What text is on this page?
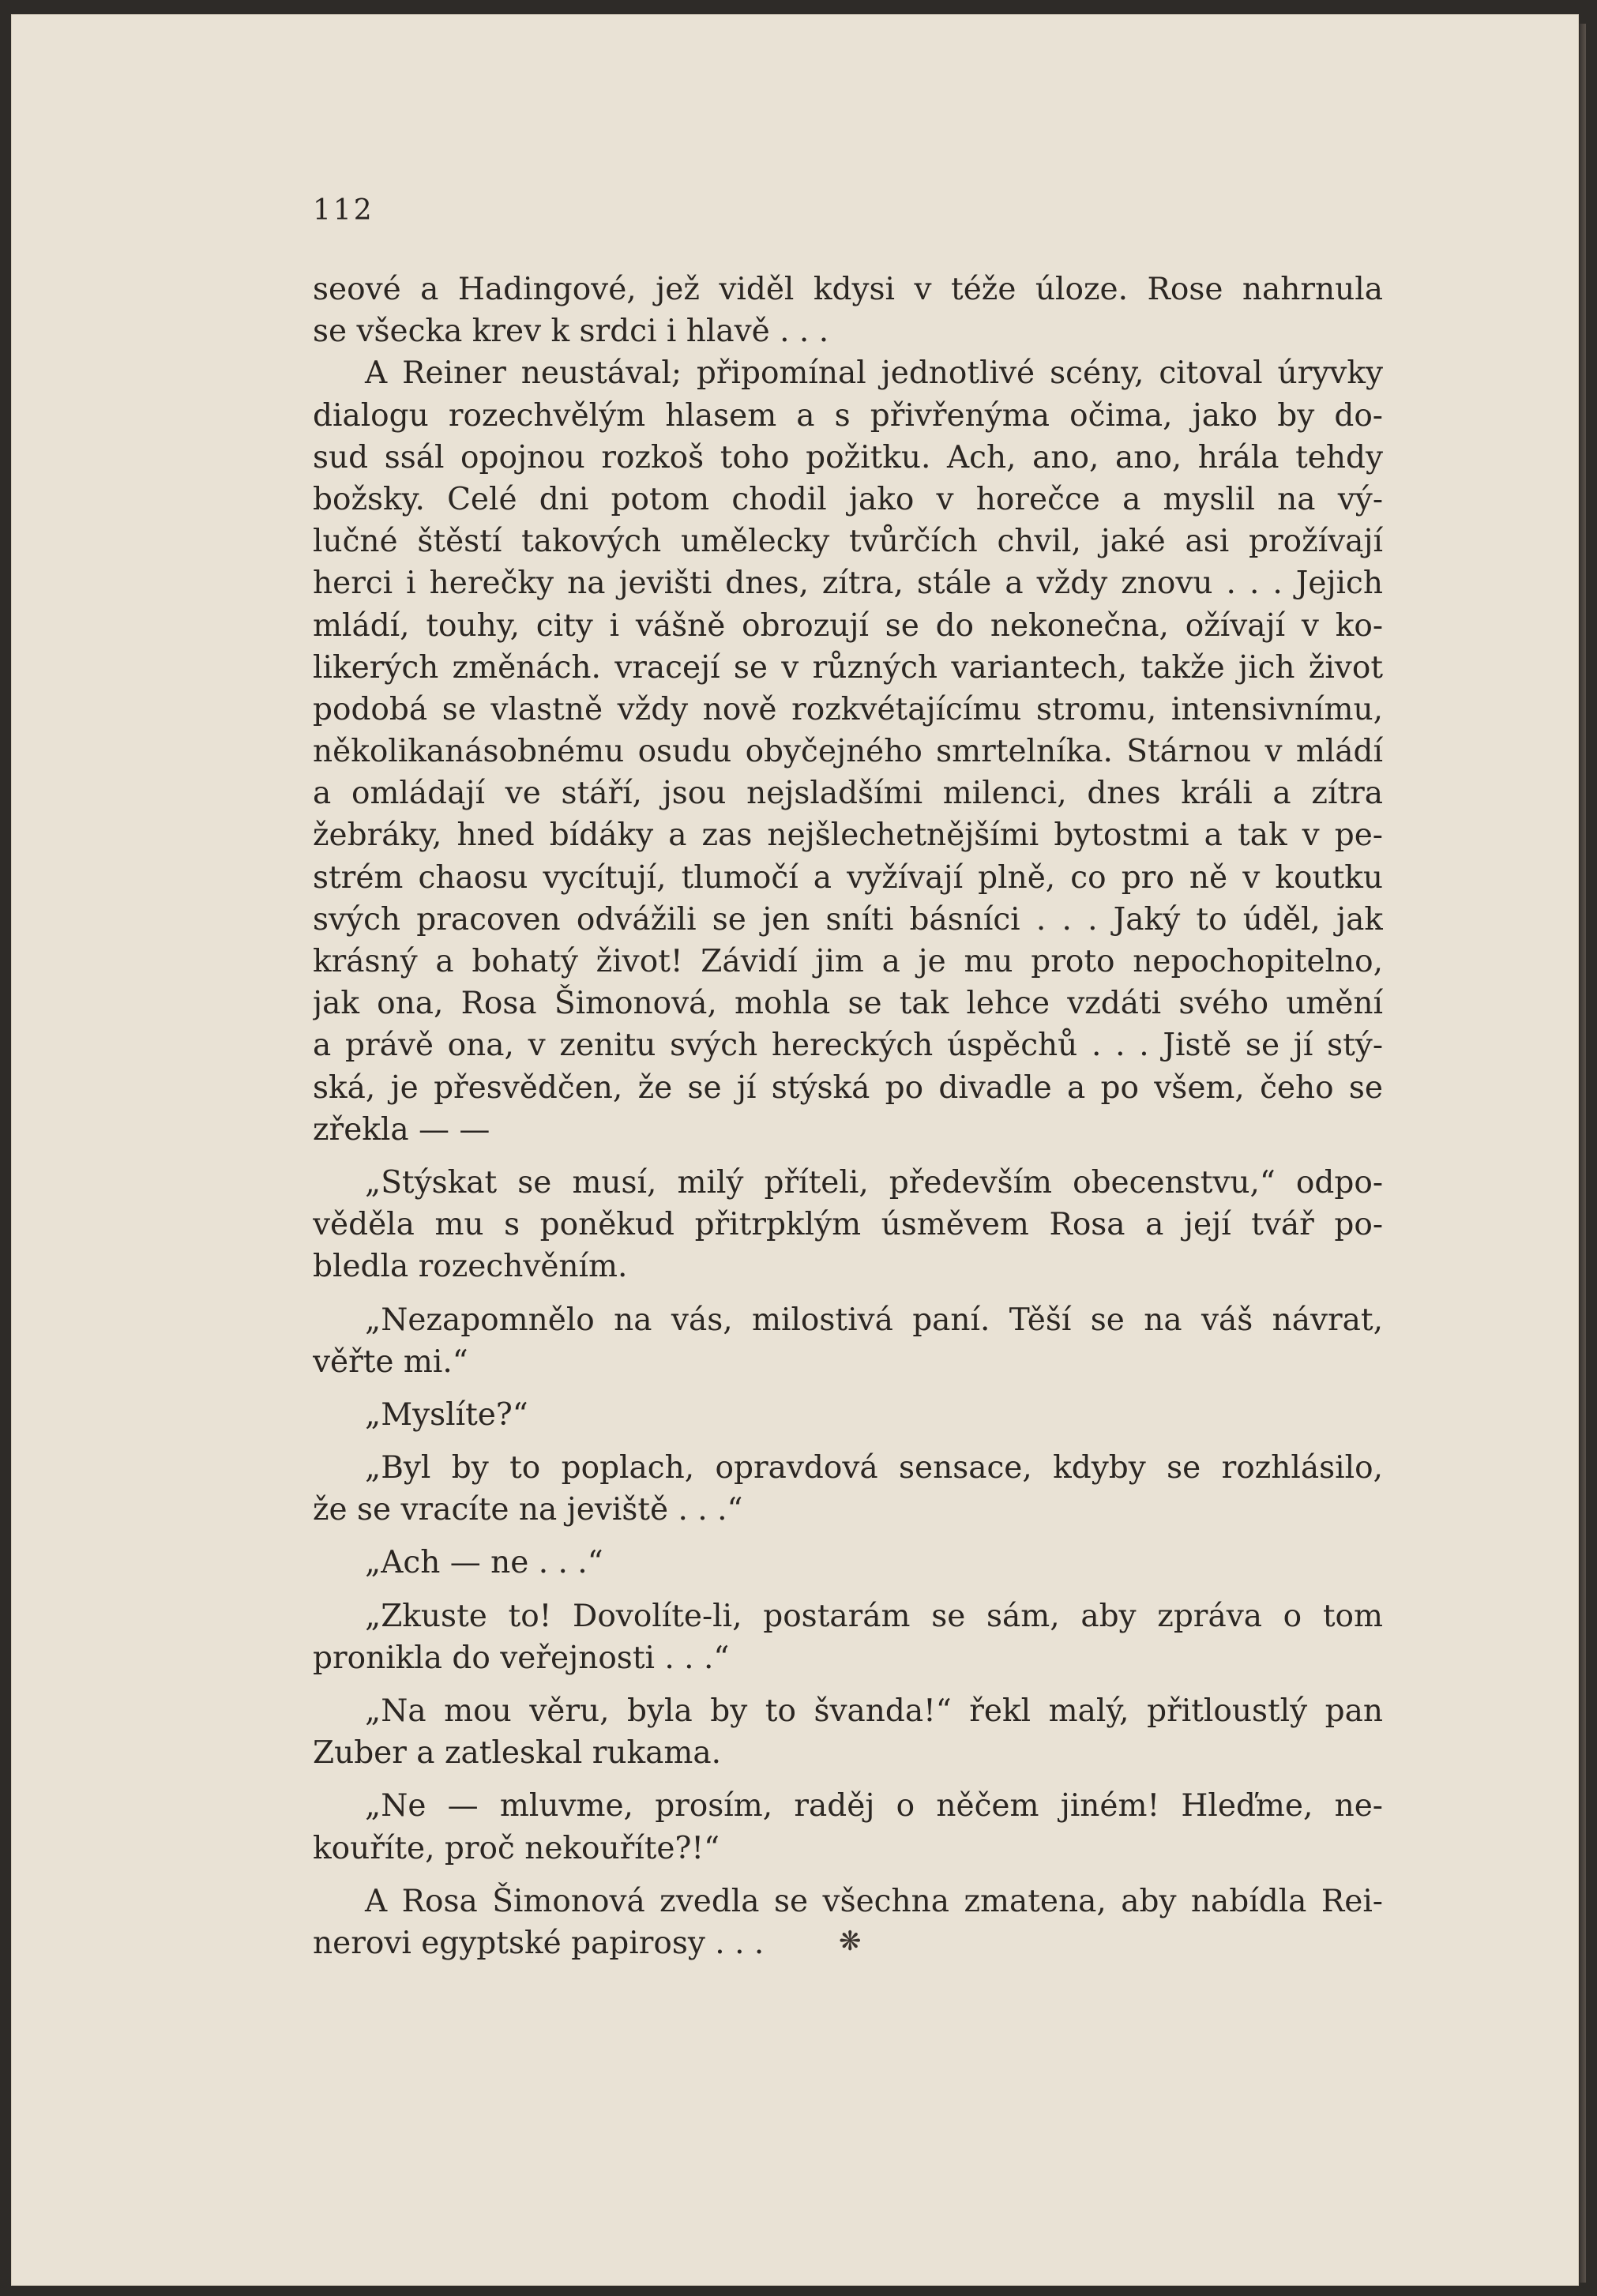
112
seové a Hadingové, jež viděl kdysi v téže úloze. Rose nahrnula
se všecka krev k srdci i hlavě . . .
A Reiner neustával; připomínal jednotlivé scény, citoval úryvky
dialogu rozechvělým hlasem a s přivřenýma očima, jako by do-
sud ssál opojnou rozkoš toho požitku. Ach, ano, ano, hrála tehdy
božsky. Celé dni potom chodil jako v horečce a myslil na vý-
lučné štěstí takových umělecky tvůrčích chvil, jaké asi prožívají
herci i herečky na jevišti dnes, zítra, stále a vždy znovu . . . Jejich
mládí, touhy, city i vášně obrozují se do nekonečna, ožívají v ko-
likerých změnách. vracejí se v různých variantech, takže jich život
podobá se vlastně vždy nově rozkvétajícímu stromu, intensivnímu,
několikanásobnému osudu obyčejného smrtelníka. Stárnou v mládí
a omládají ve stáří, jsou nejsladšími milenci, dnes králi a zítra
žebráky, hned bídáky a zas nejšlechetnějšími bytostmi a tak v pe-
strém chaosu vycítují, tlumočí a vyžívají plně, co pro ně v koutku
svých pracoven odvážili se jen sníti básníci . . . Jaký to úděl, jak
krásný a bohatý život! Závidí jim a je mu proto nepochopitelno,
jak ona, Rosa Šimonová, mohla se tak lehce vzdáti svého umění
a právě ona, v zenitu svých hereckých úspěchů . . . Jistě se jí stý-
ská, je přesvědčen, že se jí stýská po divadle a po všem, čeho se
zřekla — —
„Stýskat se musí, milý příteli, především obecenstvu,“ odpo-
věděla mu s poněkud přitrpklým úsměvem Rosa a její tvář po-
bledla rozechvěním.
„Nezapomnělo na vás, milostivá paní. Těší se na váš návrat,
věřte mi.“
„Myslíte?“
„Byl by to poplach, opravdová sensace, kdyby se rozhlásilo,
že se vracíte na jeviště . . .“
„Ach — ne . . .“
„Zkuste to! Dovolíte-li, postarám se sám, aby zpráva o tom
pronikla do veřejnosti . . .“
„Na mou věru, byla by to švanda!“ řekl malý, přitloustlý pan
Zuber a zatleskal rukama.
„Ne — mluvme, prosím, raděj o něčem jiném! Hleďme, ne-
kouříte, proč nekouříte?!“
A Rosa Šimonová zvedla se všechna zmatena, aby nabídla Rei-
nerovi egyptské papirosy . . .	❋
